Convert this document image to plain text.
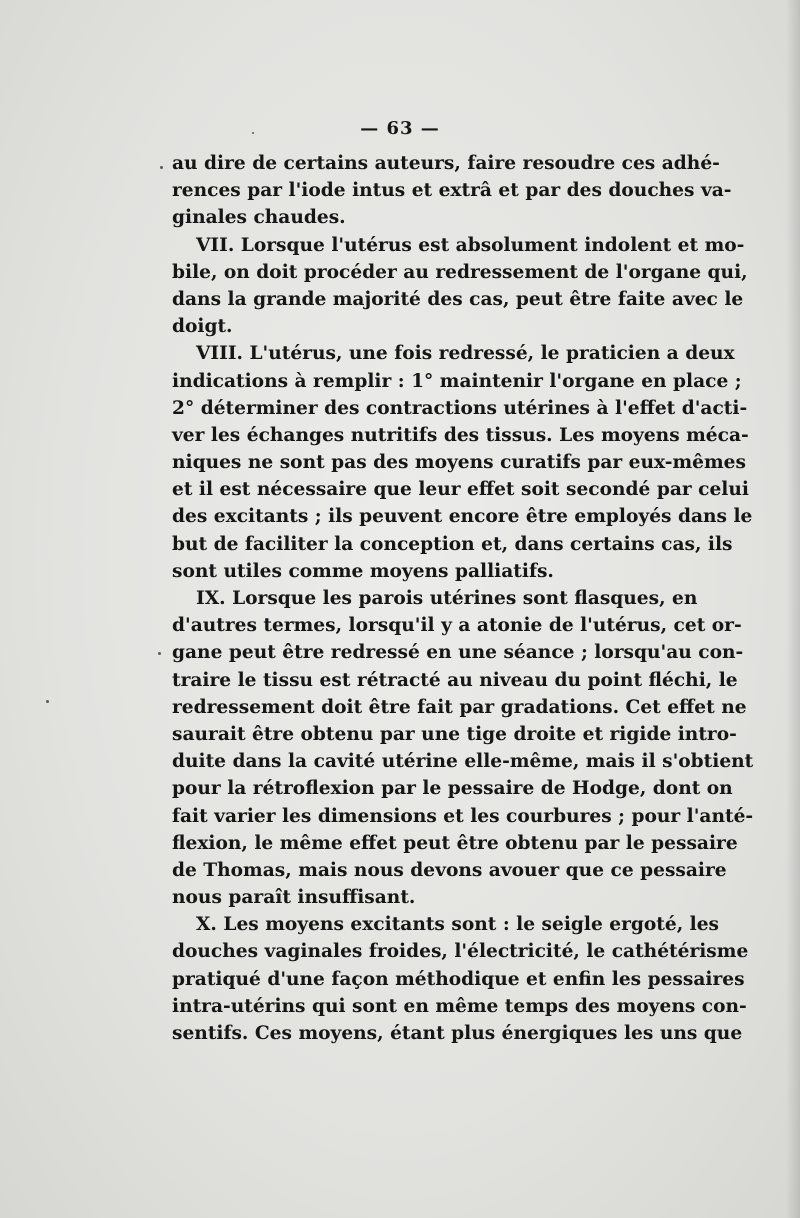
— 63 —
au dire de certains auteurs, faire resoudre ces adhé-
rences par l'iode intus et extrâ et par des douches va-
ginales chaudes.
VII. Lorsque l'utérus est absolument indolent et mo-
bile, on doit procéder au redressement de l'organe qui,
dans la grande majorité des cas, peut être faite avec le
doigt.
VIII. L'utérus, une fois redressé, le praticien a deux
indications à remplir : 1° maintenir l'organe en place ;
2° déterminer des contractions utérines à l'effet d'acti-
ver les échanges nutritifs des tissus. Les moyens méca-
niques ne sont pas des moyens curatifs par eux-mêmes
et il est nécessaire que leur effet soit secondé par celui
des excitants ; ils peuvent encore être employés dans le
but de faciliter la conception et, dans certains cas, ils
sont utiles comme moyens palliatifs.
IX. Lorsque les parois utérines sont flasques, en
d'autres termes, lorsqu'il y a atonie de l'utérus, cet or-
gane peut être redressé en une séance ; lorsqu'au con-
traire le tissu est rétracté au niveau du point fléchi, le
redressement doit être fait par gradations. Cet effet ne
saurait être obtenu par une tige droite et rigide intro-
duite dans la cavité utérine elle-même, mais il s'obtient
pour la rétroflexion par le pessaire de Hodge, dont on
fait varier les dimensions et les courbures ; pour l'anté-
flexion, le même effet peut être obtenu par le pessaire
de Thomas, mais nous devons avouer que ce pessaire
nous paraît insuffisant.
X. Les moyens excitants sont : le seigle ergoté, les
douches vaginales froides, l'électricité, le cathétérisme
pratiqué d'une façon méthodique et enfin les pessaires
intra-utérins qui sont en même temps des moyens con-
sentifs. Ces moyens, étant plus énergiques les uns que
